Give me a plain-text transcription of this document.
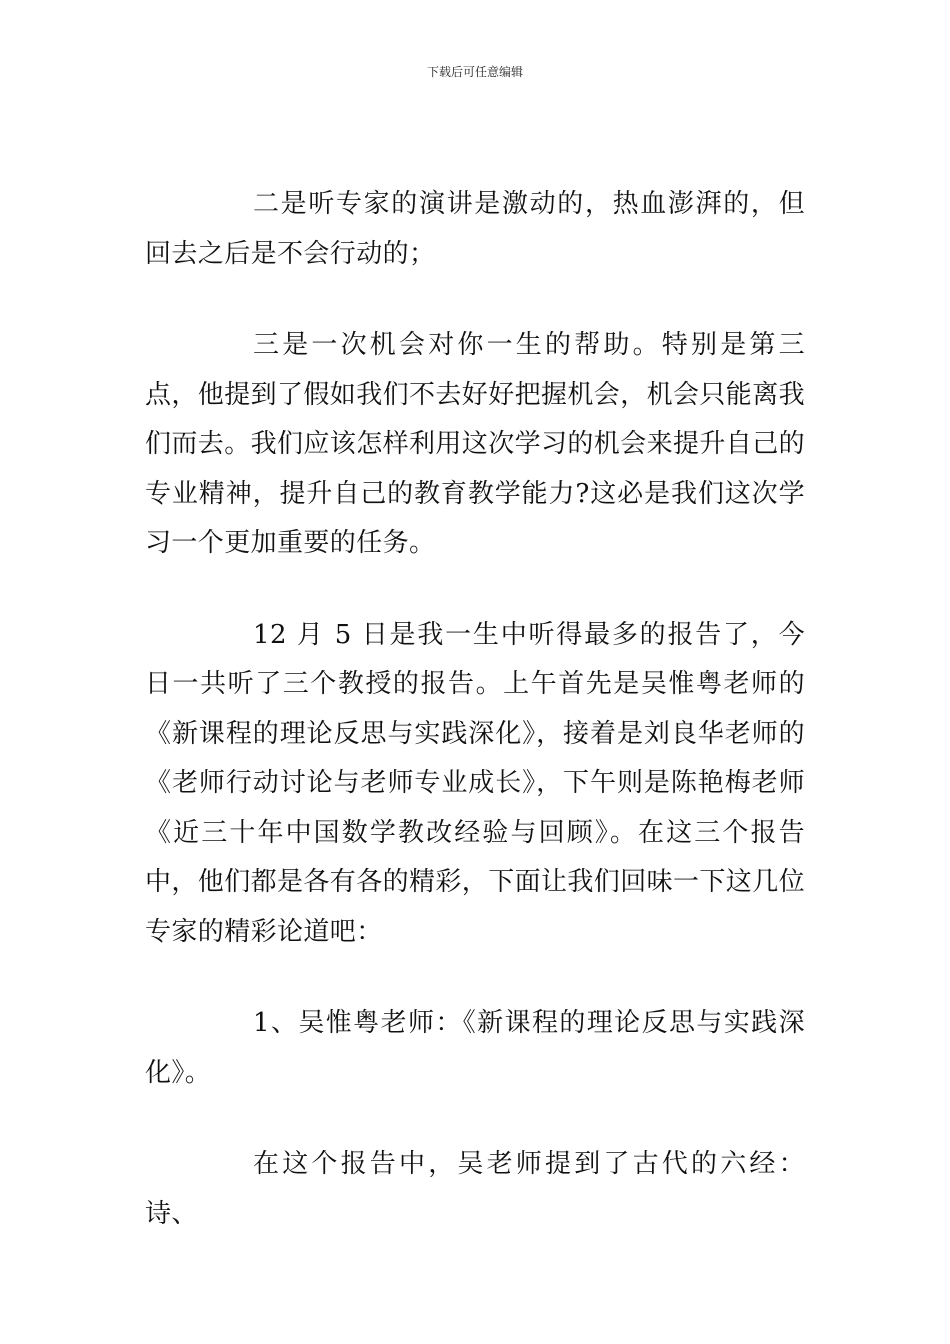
下载后可任意编辑

二是听专家的演讲是激动的，热血澎湃的，但回去之后是不会行动的；

三是一次机会对你一生的帮助。特别是第三点，他提到了假如我们不去好好把握机会，机会只能离我们而去。我们应该怎样利用这次学习的机会来提升自己的专业精神，提升自己的教育教学能力?这必是我们这次学习一个更加重要的任务。

12 月 5 日是我一生中听得最多的报告了，今日一共听了三个教授的报告。上午首先是吴惟粤老师的《新课程的理论反思与实践深化》，接着是刘良华老师的《老师行动讨论与老师专业成长》，下午则是陈艳梅老师《近三十年中国数学教改经验与回顾》。在这三个报告中，他们都是各有各的精彩，下面让我们回味一下这几位专家的精彩论道吧：

1、吴惟粤老师：《新课程的理论反思与实践深化》。

在这个报告中，吴老师提到了古代的六经：诗、
